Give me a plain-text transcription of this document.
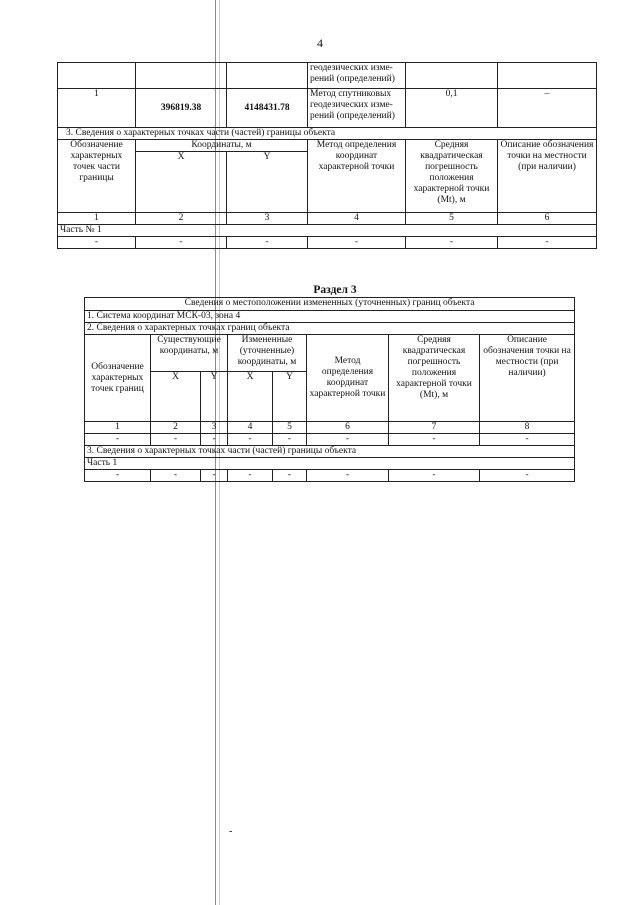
4
			геодезических изме-рений (определений)		
1	396819.38	4148431.78	Метод спутниковых геодезических изме-рений (определений)	0,1	–
3. Сведения о характерных точках части (частей) границы объекта					
Обозначение характерных точек части границы	Координаты, м		Метод определения координат характерной точки	Средняя квадратическая погрешность положения характерной точки (Mt), м	Описание обозначения точки на местности (при наличии)
	X	Y			
1	2	3	4	5	6
Часть № 1					
-	-	-	-	-	-
Раздел 3
Сведения о местоположении измененных (уточненных) границ объекта							
1. Система координат МСК-03, зона 4							
2. Сведения о характерных точках границ объекта							
Обозначение характерных точек границ	Существующие координаты, м		Измененные (уточненные) координаты, м		Метод определения координат характерной точки	Средняя квадратическая погрешность положения характерной точки (Mt), м	Описание обозначения точки на местности (при наличии)
	X	Y	X	Y			
1	2	3	4	5	6	7	8
-	-	-	-	-	-	-	-
3. Сведения о характерных точках части (частей) границы объекта							
Часть 1							
-	-	-	-	-	-	-	-
-
